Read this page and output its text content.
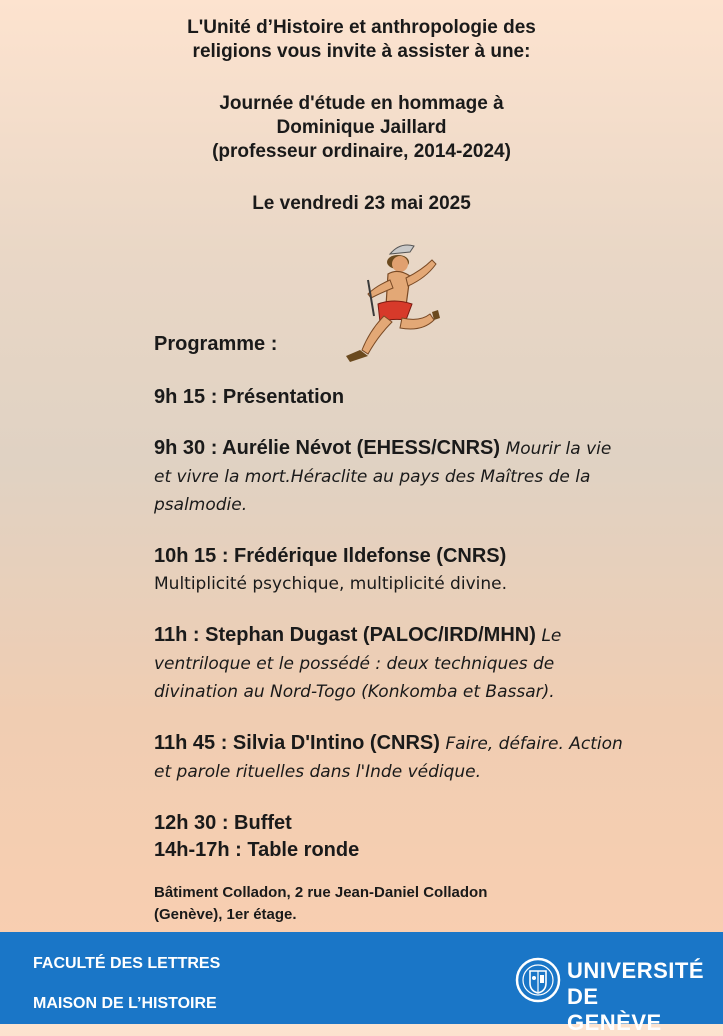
L'Unité d’Histoire et anthropologie des

religions vous invite à assister à une:

Journée d'étude en hommage à

Dominique Jaillard

(professeur ordinaire, 2014-2024)

Le vendredi 23 mai 2025

Programme :

9h 15 : Présentation
9h 30 : Aurélie Névot (EHESS/CNRS) Mourir la vie et vivre la mort.Héraclite au pays des Maîtres de la psalmodie.
10h 15 : Frédérique Ildefonse (CNRS)
Multiplicité psychique, multiplicité divine.
11h : Stephan Dugast (PALOC/IRD/MHN) Le ventriloque et le possédé : deux techniques de divination au Nord-Togo (Konkomba et Bassar).
11h 45 : Silvia D'Intino (CNRS) Faire, défaire. Action et parole rituelles dans l'Inde védique.
12h 30 : Buffet
14h-17h : Table ronde
Bâtiment Colladon, 2 rue Jean-Daniel Colladon
(Genève), 1er étage.
FACULTÉ DES LETTRES
MAISON DE L’HISTOIRE
UNIVERSITÉ
DE GENÈVE
